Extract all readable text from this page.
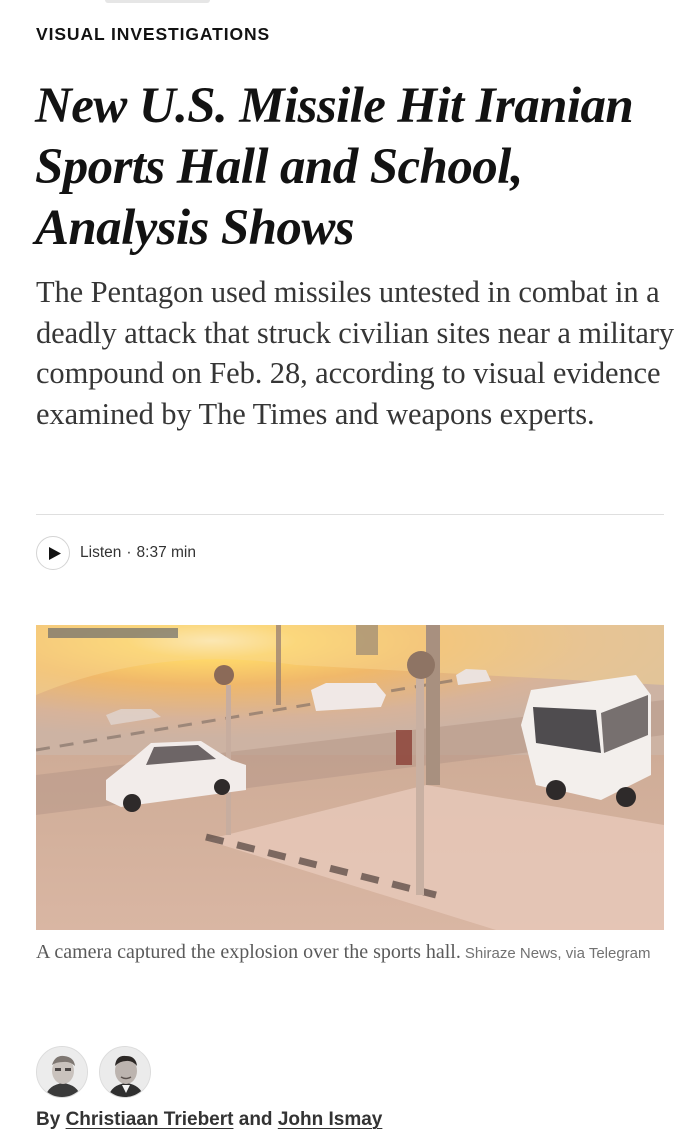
VISUAL INVESTIGATIONS
New U.S. Missile Hit Iranian Sports Hall and School, Analysis Shows

The Pentagon used missiles untested in combat in a deadly attack that struck civilian sites near a military compound on Feb. 28, according to visual evidence examined by The Times and weapons experts.

Listen · 8:37 min
A camera captured the explosion over the sports hall. Shiraze News, via Telegram
By Christiaan Triebert and John Ismay
